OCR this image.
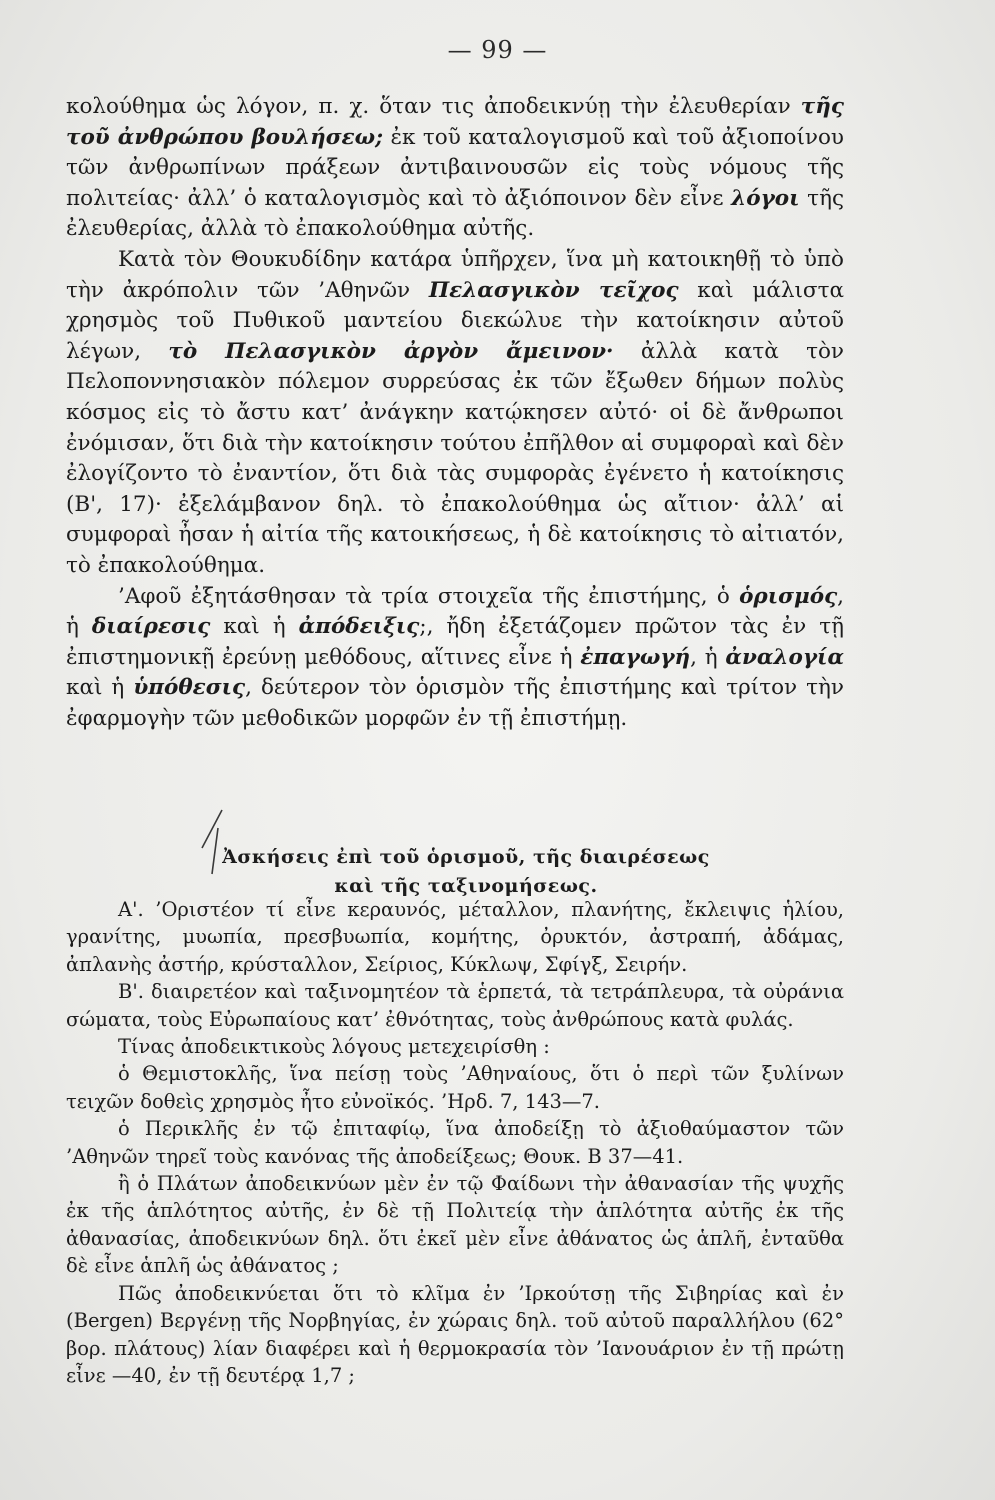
— 99 —

κολούθημα ὡς λόγον, π. χ. ὅταν τις ἀποδεικνύῃ τὴν ἐλευθερίαν τῆς τοῦ ἀνθρώπου βουλήσεω; ἐκ τοῦ καταλογισμοῦ καὶ τοῦ ἀξιοποίνου τῶν ἀνθρωπίνων πράξεων ἀντιβαινουσῶν εἰς τοὺς νόμους τῆς πολιτείας· ἀλλ’ ὁ καταλογισμὸς καὶ τὸ ἀξιόποινον δὲν εἶνε λόγοι τῆς ἐλευθερίας, ἀλλὰ τὸ ἐπακολούθημα αὐτῆς.

Κατὰ τὸν Θουκυδίδην κατάρα ὑπῆρχεν, ἵνα μὴ κατοικηθῇ τὸ ὑπὸ τὴν ἀκρόπολιν τῶν ’Αθηνῶν Πελασγικὸν τεῖχος καὶ μάλιστα χρησμὸς τοῦ Πυθικοῦ μαντείου διεκώλυε τὴν κατοίκησιν αὐτοῦ λέγων, τὸ Πελασγικὸν ἀργὸν ἄμεινον· ἀλλὰ κατὰ τὸν Πελοποννησιακὸν πόλεμον συρρεύσας ἐκ τῶν ἔξωθεν δήμων πολὺς κόσμος εἰς τὸ ἄστυ κατ’ ἀνάγκην κατῴκησεν αὐτό· οἱ δὲ ἄνθρωποι ἐνόμισαν, ὅτι διὰ τὴν κατοίκησιν τούτου ἐπῆλθον αἱ συμφοραὶ καὶ δὲν ἐλογίζοντο τὸ ἐναντίον, ὅτι διὰ τὰς συμφορὰς ἐγένετο ἡ κατοίκησις (Β', 17)· ἐξελάμβανον δηλ. τὸ ἐπακολούθημα ὡς αἴτιον· ἀλλ’ αἱ συμφοραὶ ἦσαν ἡ αἰτία τῆς κατοικήσεως, ἡ δὲ κατοίκησις τὸ αἰτιατόν, τὸ ἐπακολούθημα.

’Αφοῦ ἐξητάσθησαν τὰ τρία στοιχεῖα τῆς ἐπιστήμης, ὁ ὁρισμός, ἡ διαίρεσις καὶ ἡ ἀπόδειξις;, ἤδη ἐξετάζομεν πρῶτον τὰς ἐν τῇ ἐπιστημονικῇ ἐρεύνῃ μεθόδους, αἵτινες εἶνε ἡ ἐπαγωγή, ἡ ἀναλογία καὶ ἡ ὑπόθεσις, δεύτερον τὸν ὁρισμὸν τῆς ἐπιστήμης καὶ τρίτον τὴν ἐφαρμογὴν τῶν μεθοδικῶν μορφῶν ἐν τῇ ἐπιστήμῃ.

Ἀσκήσεις ἐπὶ τοῦ ὁρισμοῦ, τῆς διαιρέσεως
καὶ τῆς ταξινομήσεως.

Α'. ’Οριστέον τί εἶνε κεραυνός, μέταλλον, πλανήτης, ἔκλειψις ἡλίου, γρανίτης, μυωπία, πρεσβυωπία, κομήτης, ὀρυκτόν, ἀστραπή, ἀδάμας, ἀπλανὴς ἀστήρ, κρύσταλλον, Σείριος, Κύκλωψ, Σφίγξ, Σειρήν.

Β'. διαιρετέον καὶ ταξινομητέον τὰ ἑρπετά, τὰ τετράπλευρα, τὰ οὐράνια σώματα, τοὺς Εὐρωπαίους κατ’ ἐθνότητας, τοὺς ἀνθρώπους κατὰ φυλάς.

Τίνας ἀποδεικτικοὺς λόγους μετεχειρίσθη :

ὁ Θεμιστοκλῆς, ἵνα πείσῃ τοὺς ’Αθηναίους, ὅτι ὁ περὶ τῶν ξυλίνων τειχῶν δοθεὶς χρησμὸς ἦτο εὐνοϊκός. ’Ηρδ. 7, 143—7.

ὁ Περικλῆς ἐν τῷ ἐπιταφίῳ, ἵνα ἀποδείξῃ τὸ ἀξιοθαύμαστον τῶν ’Αθηνῶν τηρεῖ τοὺς κανόνας τῆς ἀποδείξεως; Θουκ. Β 37—41.

ἢ ὁ Πλάτων ἀποδεικνύων μὲν ἐν τῷ Φαίδωνι τὴν ἀθανασίαν τῆς ψυχῆς ἐκ τῆς ἁπλότητος αὐτῆς, ἐν δὲ τῇ Πολιτείᾳ τὴν ἁπλότητα αὐτῆς ἐκ τῆς ἀθανασίας, ἀποδεικνύων δηλ. ὅτι ἐκεῖ μὲν εἶνε ἀθάνατος ὡς ἁπλῆ, ἐνταῦθα δὲ εἶνε ἁπλῆ ὡς ἀθάνατος ;

Πῶς ἀποδεικνύεται ὅτι τὸ κλῖμα ἐν ’Ιρκούτσῃ τῆς Σιβηρίας καὶ ἐν (Bergen) Βεργένῃ τῆς Νορβηγίας, ἐν χώραις δηλ. τοῦ αὐτοῦ παραλλήλου (62° βορ. πλάτους) λίαν διαφέρει καὶ ἡ θερμοκρασία τὸν ’Ιανουάριον ἐν τῇ πρώτῃ εἶνε —40, ἐν τῇ δευτέρᾳ 1,7 ;
